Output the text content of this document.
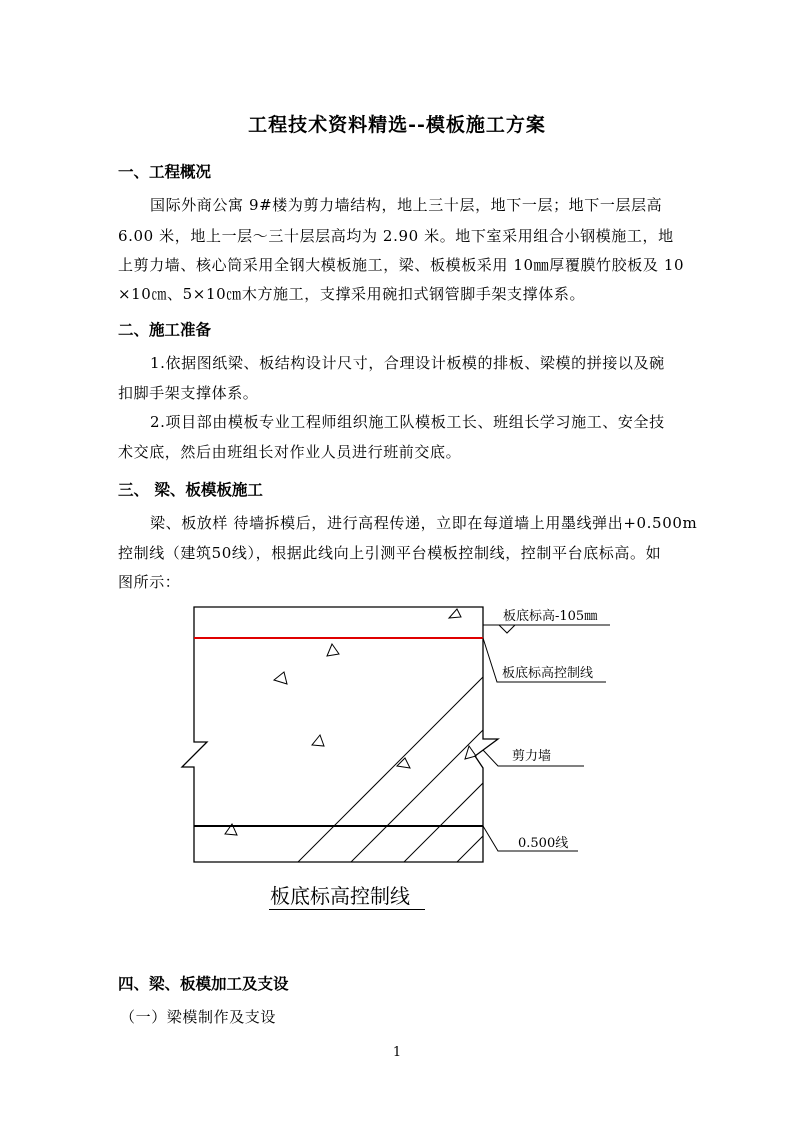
工程技术资料精选--模板施工方案
一、工程概况
国际外商公寓 9#楼为剪力墙结构，地上三十层，地下一层；地下一层层高
6.00 米，地上一层～三十层层高均为 2.90 米。地下室采用组合小钢模施工，地
上剪力墙、核心筒采用全钢大模板施工，梁、板模板采用 10㎜厚覆膜竹胶板及 10
×10㎝、5×10㎝木方施工，支撑采用碗扣式钢管脚手架支撑体系。
二、施工准备
1.依据图纸梁、板结构设计尺寸，合理设计板模的排板、梁模的拼接以及碗
扣脚手架支撑体系。
2.项目部由模板专业工程师组织施工队模板工长、班组长学习施工、安全技
术交底，然后由班组长对作业人员进行班前交底。
三、 梁、板模板施工
梁、板放样 待墙拆模后，进行高程传递，立即在每道墙上用墨线弹出+0.500m
控制线（建筑50线），根据此线向上引测平台模板控制线，控制平台底标高。如
图所示：
板底标高-105㎜
板底标高控制线
剪力墙
0.500线
板底标高控制线
四、梁、板模加工及支设
（一）梁模制作及支设
1
